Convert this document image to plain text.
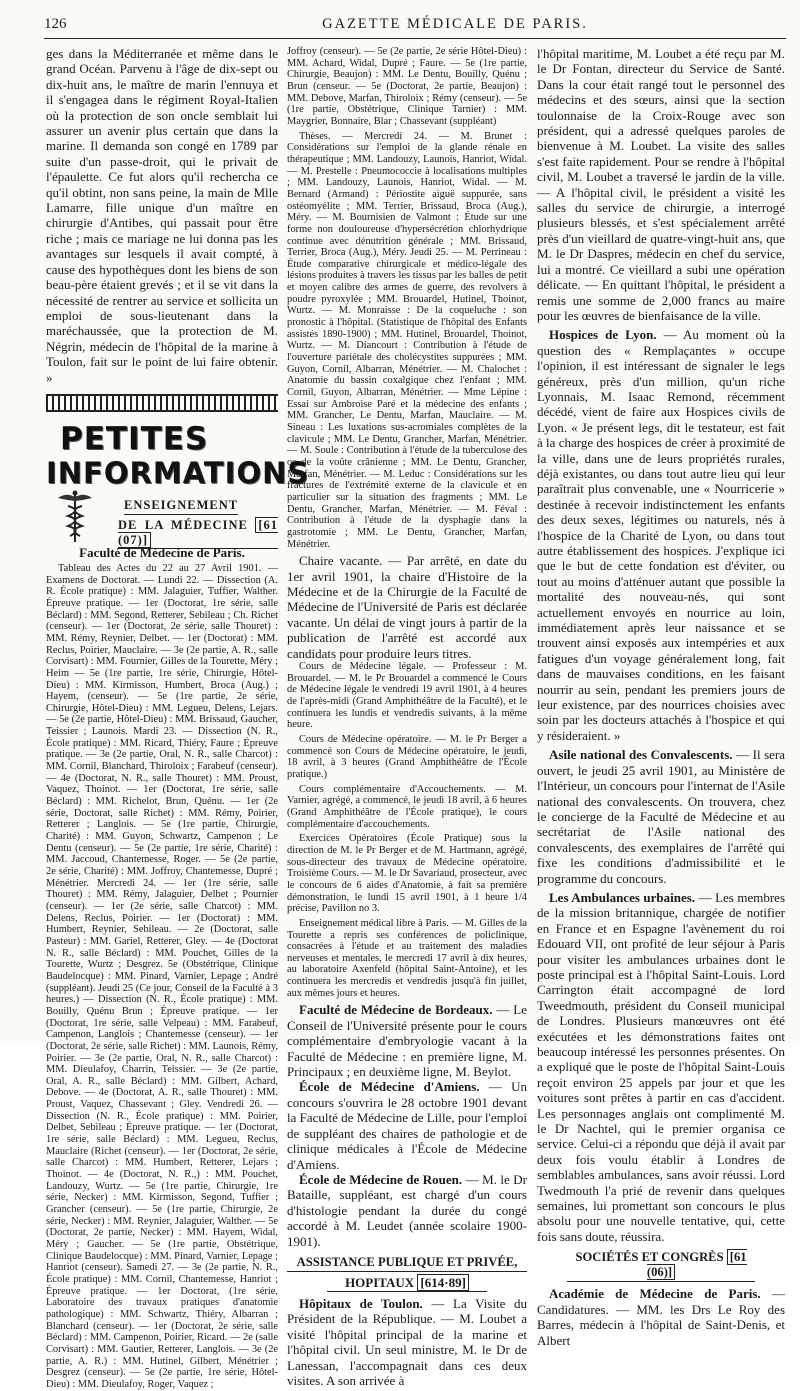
126	GAZETTE MÉDICALE DE PARIS.

ges dans la Méditerranée et même dans le grand Océan. Parvenu à l'âge de dix-sept ou dix-huit ans, le maître de marin l'ennuya et il s'engagea dans le régiment Royal-Italien où la protection de son oncle semblait lui assurer un avenir plus certain que dans la marine. Il demanda son congé en 1789 par suite d'un passe-droit, qui le privait de l'épaulette. Ce fut alors qu'il rechercha ce qu'il obtint, non sans peine, la main de Mlle Lamarre, fille unique d'un maître en chirurgie d'Antibes, qui passait pour être riche ; mais ce mariage ne lui donna pas les avantages sur lesquels il avait compté, à cause des hypothèques dont les biens de son beau-père étaient grevés ; et il se vit dans la nécessité de rentrer au service et sollicita un emploi de sous-lieutenant dans la maréchaussée, que la protection de M. Négrin, médecin de l'hôpital de la marine à Toulon, fait sur le point de lui faire obtenir. »

PETITES
INFORMATIONS
ENSEIGNEMENT
DE LA MÉDECINE [61 (07)]
Faculté de Médecine de Paris.

Tableau des Actes du 22 au 27 Avril 1901. — Examens de Doctorat. — Lundi 22. — Dissection (A. R. École pratique) : MM. Jalaguier, Tuffier, Walther. Épreuve pratique. — 1er (Doctorat, 1re série, salle Béclard) : MM. Segond, Retterer, Sebileau ; Ch. Richet (censeur). — 1er (Doctorat, 2e série, salle Thouret) : MM. Rémy, Reynier, Delbet. — 1er (Doctorat) : MM. Reclus, Poirier, Mauclaire. — 3e (2e partie, A. R., salle Corvisart) : MM. Fournier, Gilles de la Tourette, Méry ; Heim — 5e (1re partie, 1re série, Chirurgie, Hôtel-Dieu) : MM. Kirmisson, Humbert, Broca (Aug.) ; Hayem, (censeur). — 5e (1re partie, 2e série, Chirurgie, Hôtel-Dieu) : MM. Legueu, Delens, Lejars. — 5e (2e partie, Hôtel-Dieu) : MM. Brissaud, Gaucher, Teissier ; Launois. Mardi 23. — Dissection (N. R., École pratique) : MM. Ricard, Thiéry, Faure ; Épreuve pratique. — 3e (2e partie, Oral, N. R., salle Charcot) : MM. Cornil, Blanchard, Thiroloix ; Farabeuf (censeur). — 4e (Doctorat, N. R., salle Thouret) : MM. Proust, Vaquez, Thoinot. — 1er (Doctorat, 1re série, salle Béclard) : MM. Richelot, Brun, Quénu. — 1er (2e série, Doctorat, salle Richet) : MM. Rémy, Poirier, Retterer ; Langlois. — 5e (1re partie, Chirurgie, Charité) : MM. Guyon, Schwartz, Campenon ; Le Dentu (censeur). — 5e (2e partie, 1re série, Charité) : MM. Jaccoud, Chantemesse, Roger. — 5e (2e partie, 2e série, Charité) : MM. Joffroy, Chantemesse, Dupré ; Ménétrier. Mercredi 24. — 1er (1re série, salle Thouret) : MM. Rémy, Jalaguier, Delbet ; Pournier (censeur). — 1er (2e série, salle Charcot) : MM. Delens, Reclus, Poirier. — 1er (Doctorat) : MM. Humbert, Reynier, Sebileau. — 2e (Doctorat, salle Pasteur) : MM. Gariel, Retterer, Gley. — 4e (Doctorat N. R., salle Béclard) : MM. Pouchet, Gilles de la Tourette, Wurtz ; Desgrez. 5e (Obstétrique, Clinique Baudelocque) : MM. Pinard, Varnier, Lepage ; André (suppléant). Jeudi 25 (Ce jour, Conseil de la Faculté à 3 heures.) — Dissection (N. R., École pratique) : MM. Bouilly, Quénu Brun ; Épreuve pratique. — 1er (Doctorat, 1re série, salle Velpeau) : MM. Farabeuf, Campenon, Langlois ; Chantemesse (censeur). — 1er (Doctorat, 2e série, salle Richet) : MM. Launois, Rémy, Poirier. — 3e (2e partie, Oral, N. R., salle Charcot) : MM. Dieulafoy, Charrin, Teissier. — 3e (2e partie, Oral, A. R., salle Béclard) : MM. Gilbert, Achard, Debove. — 4e (Doctorat, A. R., salle Thouret) : MM. Proust, Vaquez, Chassevant ; Gley. Vendredi 26. — Dissection (N. R., École pratique) : MM. Poirier, Delbet, Sebileau ; Épreuve pratique. — 1er (Doctorat, 1re série, salle Béclard) : MM. Legueu, Reclus, Mauclaire (Richet (censeur). — 1er (Doctorat, 2e série, salle Charcot) : MM. Humbert, Retterer, Lejars ; Thoinot. — 4e (Doctorat, N. R.,) : MM. Pouchet, Landouzy, Wurtz. — 5e (1re partie, Chirurgie, 1re série, Necker) : MM. Kirmisson, Segond, Tuffier ; Grancher (censeur). — 5e (1re partie, Chirurgie, 2e série, Necker) : MM. Reynier, Jalaguier, Walther. — 5e (Doctorat, 2e partie, Necker) : MM. Hayem, Widal, Méry ; Gaucher. — 5e (1re partie, Obstétrique, Clinique Baudelocque) : MM. Pinard, Varnier, Lepage ; Hanriot (censeur). Samedi 27. — 3e (2e partie, N. R., École pratique) : MM. Cornil, Chantemesse, Hanriot ; Épreuve pratique. — 1er Doctorat, (1re série, Laboratoire des travaux pratiques d'anatomie pathologique) : MM. Schwartz, Thiéry, Albarran ; Blanchard (censeur). — 1er (Doctorat, 2e série, salle Béclard) : MM. Campenon, Poirier, Ricard. — 2e (salle Corvisart) : MM. Gautier, Retterer, Langlois. — 3e (2e partie, A. R.) : MM. Hutinel, Gilbert, Ménétrier ; Desgrez (censeur). — 5e (2e partie, 1re série, Hôtel-Dieu) : MM. Dieulafoy, Roger, Vaquez ;

Joffroy (censeur). — 5e (2e partie, 2e série Hôtel-Dieu) : MM. Achard, Widal, Dupré ; Faure. — 5e (1re partie, Chirurgie, Beaujon) : MM. Le Dentu, Bouilly, Quénu ; Brun (censeur. — 5e (Doctorat, 2e partie, Beaujon) : MM. Debove, Marfan, Thiroloix ; Rémy (censeur). — 5e (1re partie, Obstétrique, Clinique Tarnier) : MM. Maygrier, Bonnaire, Blar ; Chassevant (suppléant)

Thèses. — Mercredi 24. — M. Brunet : Considérations sur l'emploi de la glande rénale en thérapeutique ; MM. Landouzy, Launois, Hanriot, Widal. — M. Prestelle : Pneumococcie à localisations multiples ; MM. Landouzy, Launois, Hanriot, Widal. — M. Bernard (Armand) : Périostite aiguë suppurée, sans ostéomyélite ; MM. Terrier, Brissaud, Broca (Aug.), Méry. — M. Bournisien de Valmont : Étude sur une forme non douloureuse d'hypersécrétion chlorhydrique continue avec dénutrition générale ; MM. Brissaud, Terrier, Broca (Aug.), Méry. Jeudi 25. — M. Perrineau : Étude comparative chirurgicale et médico-légale des lésions produites à travers les tissus par les balles de petit et moyen calibre des armes de guerre, des revolvers à poudre pyroxylée ; MM. Brouardel, Hutinel, Thoinot, Wurtz. — M. Monraisse : De la coqueluche : son pronostic à l'hôpital. (Statistique de l'hôpital des Enfants assistés 1890-1900) ; MM. Hutinel, Brouardel, Thoinot, Wurtz. — M. Diancourt : Contribution à l'étude de l'ouverture pariétale des cholécystites suppurées ; MM. Guyon, Cornil, Albarran, Ménétrier. — M. Chalochet : Anatomie du bassin coxalgique chez l'enfant ; MM. Cornil, Guyon, Albarran, Ménétrier. — Mme Lépine : Essai sur Ambroise Paré et la médecine des enfants ; MM. Grancher, Le Dentu, Marfan, Mauclaire. — M. Sineau : Les luxations sus-acromiales complètes de la clavicule ; MM. Le Dentu, Grancher, Marfan, Ménétrier. — M. Soule : Contribution à l'étude de la tuberculose des os de la voûte crânienne ; MM. Le Dentu, Grancher, Marfan, Ménétrier. — M. Leduc : Considérations sur les fractures de l'extrémité externe de la clavicule et en particulier sur la situation des fragments ; MM. Le Dentu, Grancher, Marfan, Ménétrier. — M. Féval : Contribution à l'étude de la dysphagie dans la gastrotomie ; MM. Le Dentu, Grancher, Marfan, Ménétrier.

Chaire vacante. — Par arrêté, en date du 1er avril 1901, la chaire d'Histoire de la Médecine et de la Chirurgie de la Faculté de Médecine de l'Université de Paris est déclarée vacante. Un délai de vingt jours à partir de la publication de l'arrêté est accordé aux candidats pour produire leurs titres.

Cours de Médecine légale. — Professeur : M. Brouardel. — M. le Pr Brouardel a commencé le Cours de Médecine légale le vendredi 19 avril 1901, à 4 heures de l'après-midi (Grand Amphithéâtre de la Faculté), et le continuera les lundis et vendredis suivants, à la même heure.

Cours de Médecine opératoire. — M. le Pr Berger a commencé son Cours de Médecine opératoire, le jeudi, 18 avril, à 3 heures (Grand Amphithéâtre de l'École pratique.)

Cours complémentaire d'Accouchements. — M. Varnier, agrégé, a commencé, le jeudi 18 avril, à 6 heures (Grand Amphithéâtre de l'École pratique), le cours complémentaire d'accouchements.

Exercices Opératoires (École Pratique) sous la direction de M. le Pr Berger et de M. Hartmann, agrégé, sous-directeur des travaux de Médecine opératoire. Troisième Cours. — M. le Dr Savariaud, prosecteur, avec le concours de 6 aides d'Anatomie, à fait sa première démonstration, le lundi 15 avril 1901, à 1 heure 1/4 précise, Pavillon no 3.

Enseignement médical libre à Paris. — M. Gilles de la Tourette a repris ses conférences de policlinique, consacrées à l'étude et au traitement des maladies nerveuses et mentales, le mercredi 17 avril à dix heures, au laboratoire Axenfeld (hôpital Saint-Antoine), et les continuera les mercredis et vendredis jusqu'à fin juillet, aux mêmes jours et heures.

Faculté de Médecine de Bordeaux. — Le Conseil de l'Université présente pour le cours complémentaire d'embryologie vacant à la Faculté de Médecine : en première ligne, M. Principaux ; en deuxième ligne, M. Beylot.

École de Médecine d'Amiens. — Un concours s'ouvrira le 28 octobre 1901 devant la Faculté de Médecine de Lille, pour l'emploi de suppléant des chaires de pathologie et de clinique médicales à l'École de Médecine d'Amiens.

École de Médecine de Rouen. — M. le Dr Bataille, suppléant, est chargé d'un cours d'histologie pendant la durée du congé accordé à M. Leudet (année scolaire 1900-1901).

ASSISTANCE PUBLIQUE ET PRIVÉE,
HOPITAUX [614·89]

Hôpitaux de Toulon. — La Visite du Président de la République. — M. Loubet a visité l'hôpital principal de la marine et l'hôpital civil. Un seul ministre, M. le Dr de Lanessan, l'accompagnait dans ces deux visites. A son arrivée à

l'hôpital maritime, M. Loubet a été reçu par M. le Dr Fontan, directeur du Service de Santé. Dans la cour était rangé tout le personnel des médecins et des sœurs, ainsi que la section toulonnaise de la Croix-Rouge avec son président, qui a adressé quelques paroles de bienvenue à M. Loubet. La visite des salles s'est faite rapidement. Pour se rendre à l'hôpital civil, M. Loubet a traversé le jardin de la ville. — A l'hôpital civil, le président a visité les salles du service de chirurgie, a interrogé plusieurs blessés, et s'est spécialement arrêté près d'un vieillard de quatre-vingt-huit ans, que M. le Dr Daspres, médecin en chef du service, lui a montré. Ce vieillard a subi une opération délicate. — En quittant l'hôpital, le président a remis une somme de 2,000 francs au maire pour les œuvres de bienfaisance de la ville.

Hospices de Lyon. — Au moment où la question des « Remplaçantes » occupe l'opinion, il est intéressant de signaler le legs généreux, près d'un million, qu'un riche Lyonnais, M. Isaac Remond, récemment décédé, vient de faire aux Hospices civils de Lyon. « Je présent legs, dit le testateur, est fait à la charge des hospices de créer à proximité de la ville, dans une de leurs propriétés rurales, déjà existantes, ou dans tout autre lieu qui leur paraîtrait plus convenable, une « Nourricerie » destinée à recevoir indistinctement les enfants des deux sexes, légitimes ou naturels, nés à l'hospice de la Charité de Lyon, ou dans tout autre établissement des hospices. J'explique ici que le but de cette fondation est d'éviter, ou tout au moins d'atténuer autant que possible la mortalité des nouveau-nés, qui sont actuellement envoyés en nourrice au loin, immédiatement après leur naissance et se trouvent ainsi exposés aux intempéries et aux fatigues d'un voyage généralement long, fait dans de mauvaises conditions, en les faisant nourrir au sein, pendant les premiers jours de leur existence, par des nourrices choisies avec soin par les docteurs attachés à l'hospice et qui y résideraient. »

Asile national des Convalescents. — Il sera ouvert, le jeudi 25 avril 1901, au Ministère de l'Intérieur, un concours pour l'internat de l'Asile national des convalescents. On trouvera, chez le concierge de la Faculté de Médecine et au secrétariat de l'Asile national des convalescents, des exemplaires de l'arrêté qui fixe les conditions d'admissibilité et le programme du concours.

Les Ambulances urbaines. — Les membres de la mission britannique, chargée de notifier en France et en Espagne l'avènement du roi Edouard VII, ont profité de leur séjour à Paris pour visiter les ambulances urbaines dont le poste principal est à l'hôpital Saint-Louis. Lord Carrington était accompagné de lord Tweedmouth, président du Conseil municipal de Londres. Plusieurs manœuvres ont été exécutées et les démonstrations faites ont beaucoup intéressé les personnes présentes. On a expliqué que le poste de l'hôpital Saint-Louis reçoit environ 25 appels par jour et que les voitures sont prêtes à partir en cas d'accident. Les personnages anglais ont complimenté M. le Dr Nachtel, qui le premier organisa ce service. Celui-ci a répondu que déjà il avait par deux fois voulu établir à Londres de semblables ambulances, sans avoir réussi. Lord Twedmouth l'a prié de revenir dans quelques semaines, lui promettant son concours le plus absolu pour une nouvelle tentative, qui, cette fois sans doute, réussira.

SOCIÉTÉS ET CONGRÈS [61 (06)]

Académie de Médecine de Paris. — Candidatures. — MM. les Drs Le Roy des Barres, médecin à l'hôpital de Saint-Denis, et Albert
